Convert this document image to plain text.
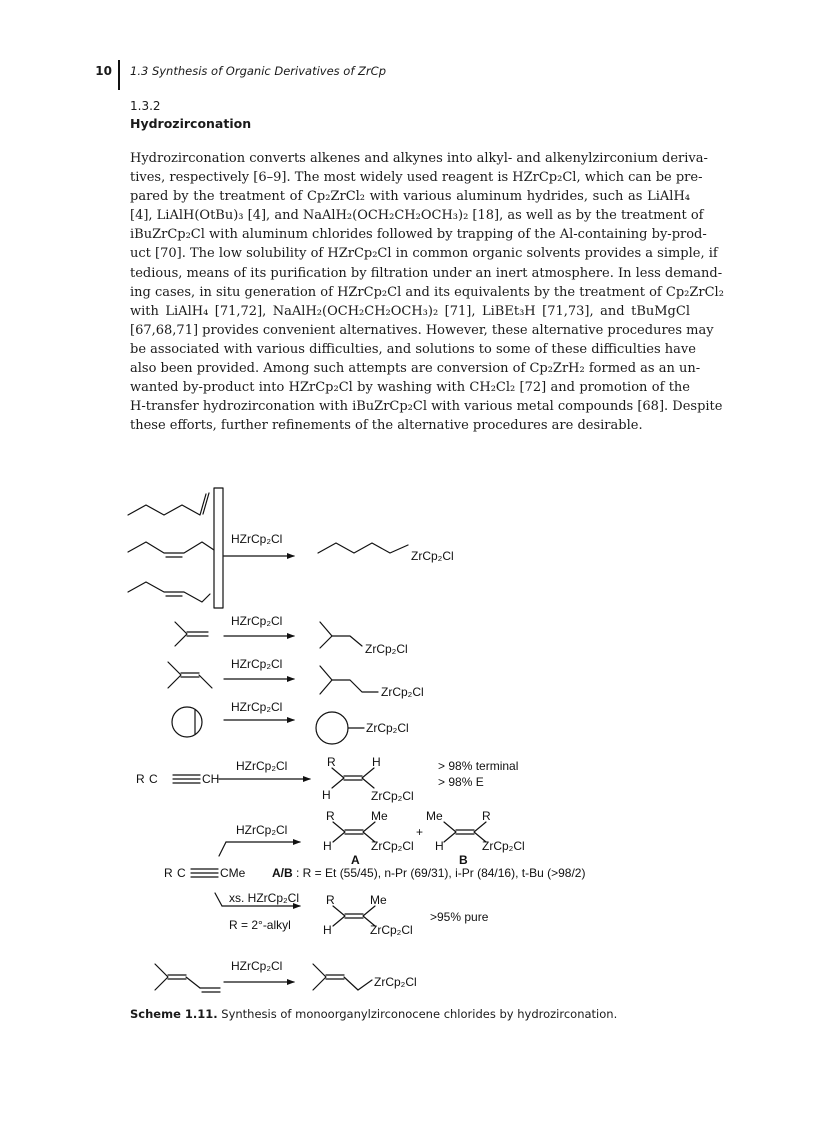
10 1.3 Synthesis of Organic Derivatives of ZrCp
1.3.2
Hydrozirconation
Hydrozirconation converts alkenes and alkynes into alkyl- and alkenylzirconium deriva-
tives, respectively [6–9]. The most widely used reagent is HZrCp₂Cl, which can be pre-
pared by the treatment of Cp₂ZrCl₂ with various aluminum hydrides, such as LiAlH₄
[4], LiAlH(OtBu)₃ [4], and NaAlH₂(OCH₂CH₂OCH₃)₂ [18], as well as by the treatment of
iBuZrCp₂Cl with aluminum chlorides followed by trapping of the Al-containing by-prod-
uct [70]. The low solubility of HZrCp₂Cl in common organic solvents provides a simple, if
tedious, means of its purification by filtration under an inert atmosphere. In less demand-
ing cases, in situ generation of HZrCp₂Cl and its equivalents by the treatment of Cp₂ZrCl₂
with LiAlH₄ [71,72], NaAlH₂(OCH₂CH₂OCH₃)₂ [71], LiBEt₃H [71,73], and tBuMgCl
[67,68,71] provides convenient alternatives. However, these alternative procedures may
be associated with various difficulties, and solutions to some of these difficulties have
also been provided. Among such attempts are conversion of Cp₂ZrH₂ formed as an un-
wanted by-product into HZrCp₂Cl by washing with CH₂Cl₂ [72] and promotion of the
H-transfer hydrozirconation with iBuZrCp₂Cl with various metal compounds [68]. Despite
these efforts, further refinements of the alternative procedures are desirable.
HZrCp₂Cl
ZrCp₂Cl
HZrCp₂Cl
ZrCp₂Cl
HZrCp₂Cl
ZrCp₂Cl
HZrCp₂Cl
ZrCp₂Cl
R C	CH
HZrCp₂Cl	R	H
H	ZrCp₂Cl
> 98% terminal
> 98% E
HZrCp₂Cl
R	Me
H	ZrCp₂Cl
+
Me	R
H	ZrCp₂Cl
A	B
R C	CMe A/B : R = Et (55/45), n-Pr (69/31), i-Pr (84/16), t-Bu (>98/2)
xs. HZrCp₂Cl
R = 2°-alkyl
R	Me
H	ZrCp₂Cl
>95% pure
HZrCp₂Cl
ZrCp₂Cl
Scheme 1.11. Synthesis of monoorganylzirconocene chlorides by hydrozirconation.
